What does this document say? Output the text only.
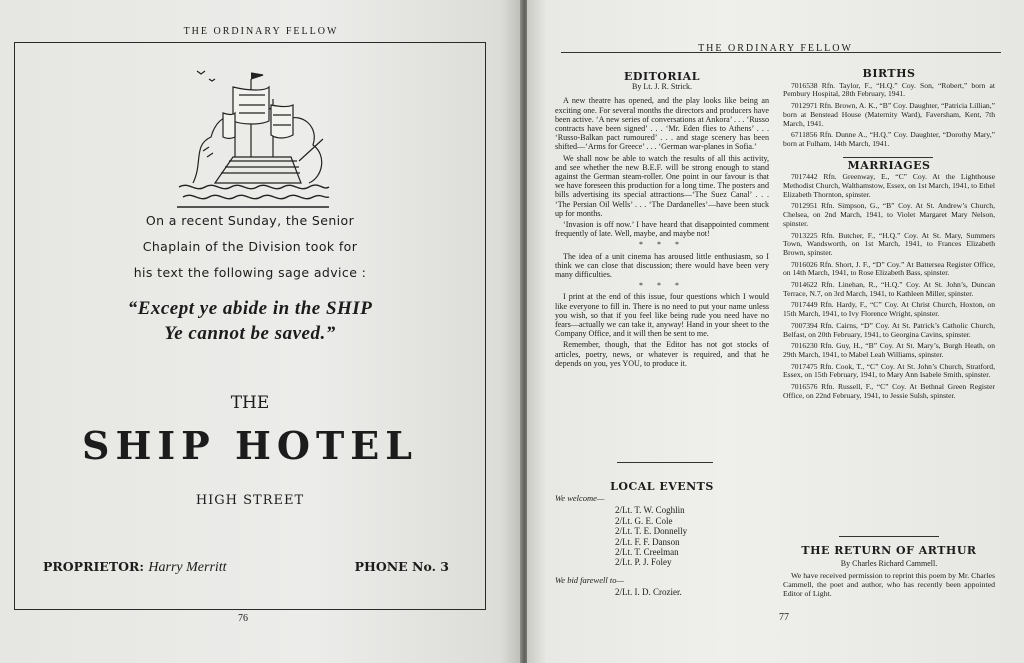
THE ORDINARY FELLOW
On a recent Sunday, the Senior
Chaplain of the Division took for
his text the following sage advice :
“Except ye abide in the SHIP
Ye cannot be saved.”
THE
SHIP HOTEL
HIGH STREET
PROPRIETOR: Harry Merritt	PHONE No. 3
76
THE ORDINARY FELLOW
EDITORIAL
By Lt. J. R. Strick.

A new theatre has opened, and the play looks like being an exciting one. For several months the directors and producers have been active. ‘A new series of conversations at Ankora’ . . . ‘Russo contracts have been signed’ . . . ‘Mr. Eden flies to Athens’ . . . ‘Russo-Balkan pact rumoured’ . . . and stage scenery has been shifted—‘Arms for Greece’ . . . ‘German war-planes in Sofia.’

We shall now be able to watch the results of all this activity, and see whether the new B.E.F. will be strong enough to stand against the German steam-roller. One point in our favour is that we have foreseen this production for a long time. The posters and bills advertising its special attractions—‘The Suez Canal’ . . . ‘The Persian Oil Wells’ . . . ‘The Dardanelles’—have been stuck up for months.

‘Invasion is off now.’ I have heard that disappointed comment frequently of late. Well, maybe, and maybe not!

* * *

The idea of a unit cinema has aroused little enthusiasm, so I think we can close that discussion; there would have been very many difficulties.

* * *

I print at the end of this issue, four questions which I would like everyone to fill in. There is no need to put your name unless you wish, so that if you feel like being rude you need have no fears—actually we can take it, anyway! Hand in your sheet to the Company Office, and it will then be sent to me.

Remember, though, that the Editor has not got stocks of articles, poetry, news, or whatever is required, and that he depends on you, yes YOU, to produce it.

LOCAL EVENTS
We welcome—
2/Lt. T. W. Coghlin
2/Lt. G. E. Cole
2/Lt. T. E. Donnelly
2/Lt. F. F. Danson
2/Lt. T. Creelman
2/Lt. P. J. Foley
We bid farewell to—
2/Lt. I. D. Crozier.
BIRTHS
7016538 Rfn. Taylor, F., “H.Q.” Coy. Son, “Robert,” born at Pembury Hospital, 28th February, 1941.
7012971 Rfn. Brown, A. K., “B” Coy. Daughter, “Patricia Lillian,” born at Benstead House (Maternity Ward), Faversham, Kent, 7th March, 1941.
6711856 Rfn. Dunne A., “H.Q.” Coy. Daughter, “Dorothy Mary,” born at Fulham, 14th March, 1941.
MARRIAGES
7017442 Rfn. Greenway, E., “C” Coy. At the Lighthouse Methodist Church, Walthamstow, Essex, on 1st March, 1941, to Ethel Elizabeth Thornton, spinster.
7012951 Rfn. Simpson, G., “B” Coy. At St. Andrew’s Church, Chelsea, on 2nd March, 1941, to Violet Margaret Mary Nelson, spinster.
7013225 Rfn. Butcher, F., “H.Q.” Coy. At St. Mary, Summers Town, Wandsworth, on 1st March, 1941, to Frances Elizabeth Brown, spinster.
7016026 Rfn. Short, J. F., “D” Coy.” At Battersea Register Office, on 14th March, 1941, to Rose Elizabeth Bass, spinster.
7014622 Rfn. Linehan, R., “H.Q.” Coy. At St. John’s, Duncan Terrace, N.7, on 3rd March, 1941, to Kathleen Miller, spinster.
7017449 Rfn. Hardy, F., “C” Coy. At Christ Church, Hoxton, on 15th March, 1941, to Ivy Florence Wright, spinster.
7007394 Rfn. Cairns, “D” Coy. At St. Patrick’s Catholic Church, Belfast, on 20th February, 1941, to Georgina Cavins, spinster.
7016230 Rfn. Guy, H., “B” Coy. At St. Mary’s, Burgh Heath, on 29th March, 1941, to Mabel Leah Williams, spinster.
7017475 Rfn. Cook, T., “C” Coy. At St. John’s Church, Stratford, Essex, on 15th February, 1941, to Mary Ann Isabele Smith, spinster.
7016576 Rfn. Russell, F., “C” Coy. At Bethnal Green Register Office, on 22nd February, 1941, to Jessie Sulsh, spinster.
THE RETURN OF ARTHUR
By Charles Richard Cammell.

We have received permission to reprint this poem by Mr. Charles Cammell, the poet and author, who has recently been appointed Editor of Light.

77
